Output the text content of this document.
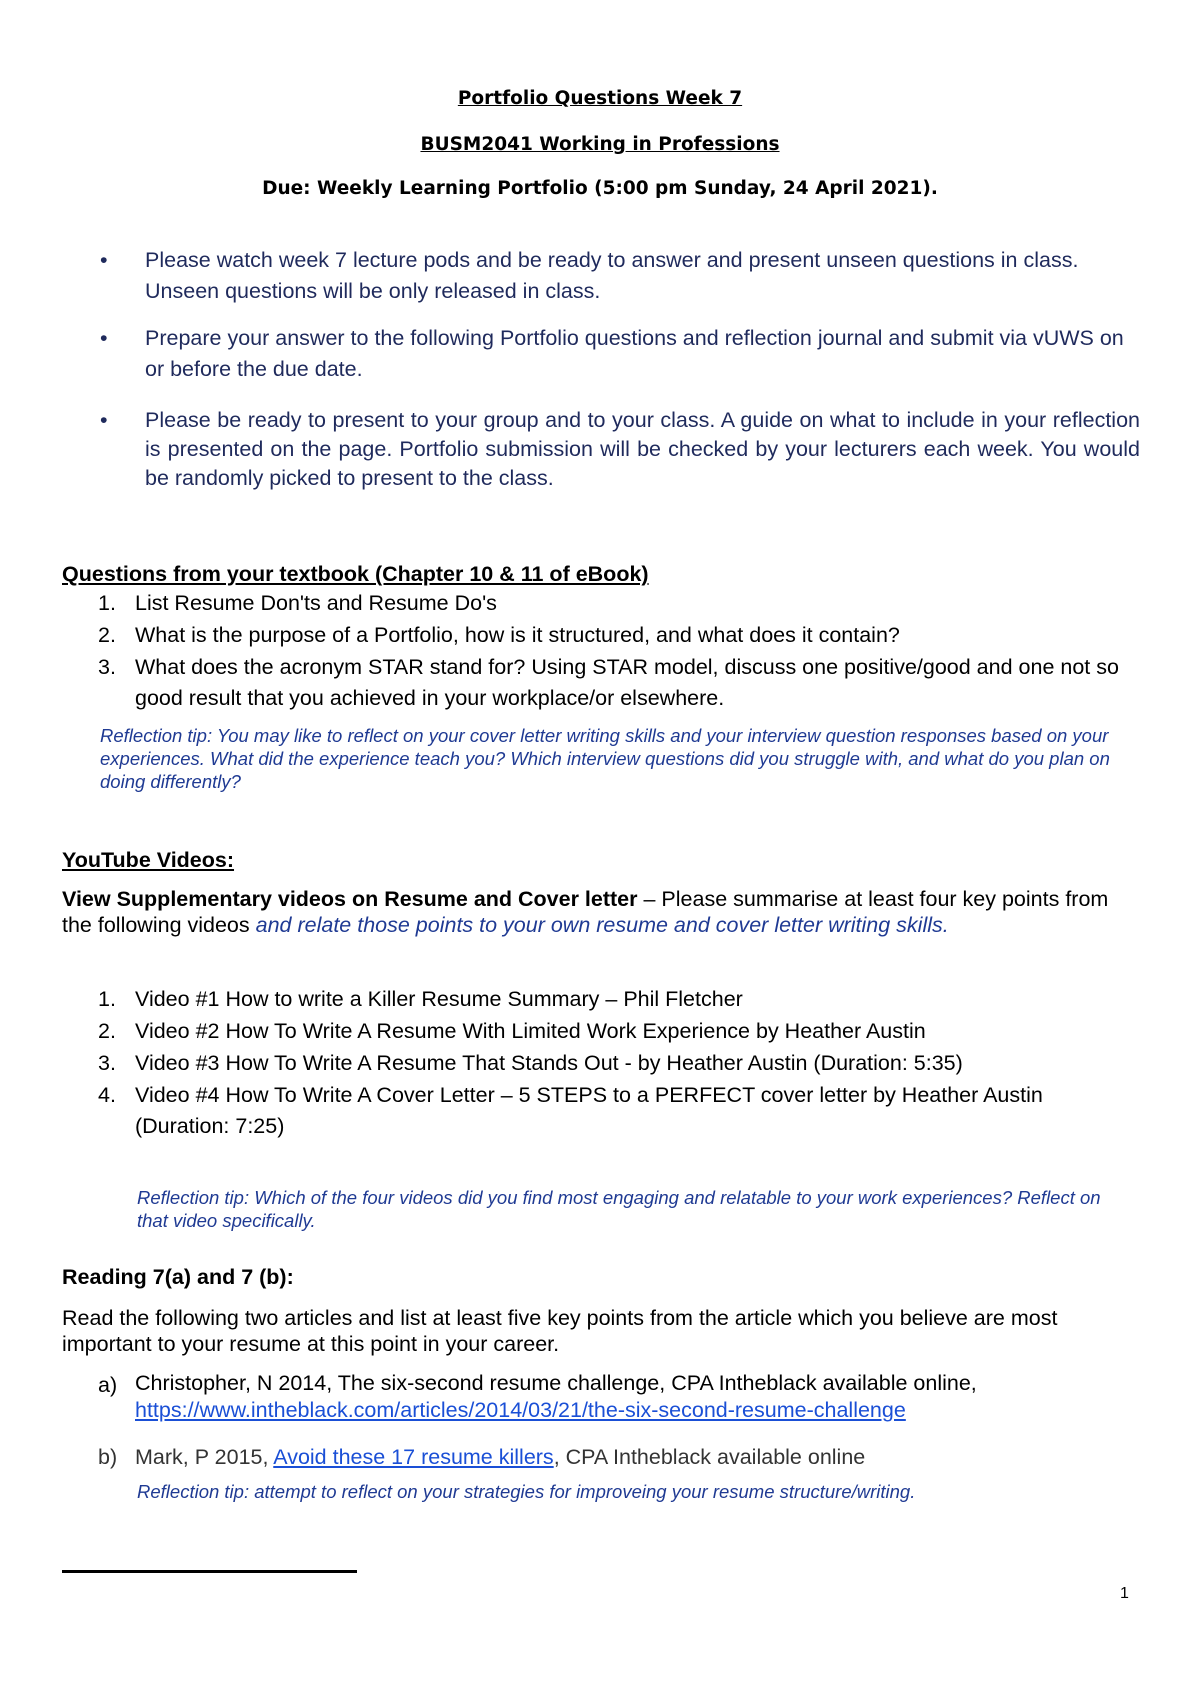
Portfolio Questions Week 7
BUSM2041 Working in Professions
Due: Weekly Learning Portfolio (5:00 pm Sunday, 24 April 2021).
• Please watch week 7 lecture pods and be ready to answer and present unseen questions in class. Unseen questions will be only released in class.
• Prepare your answer to the following Portfolio questions and reflection journal and submit via vUWS on or before the due date.
• Please be ready to present to your group and to your class. A guide on what to include in your reflection is presented on the page. Portfolio submission will be checked by your lecturers each week. You would be randomly picked to present to the class.
Questions from your textbook (Chapter 10 & 11 of eBook)
1. List Resume Don'ts and Resume Do's
2. What is the purpose of a Portfolio, how is it structured, and what does it contain?
3. What does the acronym STAR stand for? Using STAR model, discuss one positive/good and one not so good result that you achieved in your workplace/or elsewhere.
Reflection tip: You may like to reflect on your cover letter writing skills and your interview question responses based on your experiences. What did the experience teach you? Which interview questions did you struggle with, and what do you plan on doing differently?
YouTube Videos:
View Supplementary videos on Resume and Cover letter – Please summarise at least four key points from the following videos and relate those points to your own resume and cover letter writing skills.
1. Video #1 How to write a Killer Resume Summary – Phil Fletcher
2. Video #2 How To Write A Resume With Limited Work Experience by Heather Austin
3. Video #3 How To Write A Resume That Stands Out - by Heather Austin (Duration: 5:35)
4. Video #4 How To Write A Cover Letter – 5 STEPS to a PERFECT cover letter by Heather Austin (Duration: 7:25)
Reflection tip: Which of the four videos did you find most engaging and relatable to your work experiences? Reflect on that video specifically.
Reading 7(a) and 7 (b):
Read the following two articles and list at least five key points from the article which you believe are most important to your resume at this point in your career.
a) Christopher, N 2014, The six-second resume challenge, CPA Intheblack available online,
https://www.intheblack.com/articles/2014/03/21/the-six-second-resume-challenge
b) Mark, P 2015, Avoid these 17 resume killers, CPA Intheblack available online
Reflection tip: attempt to reflect on your strategies for improveing your resume structure/writing.
1
